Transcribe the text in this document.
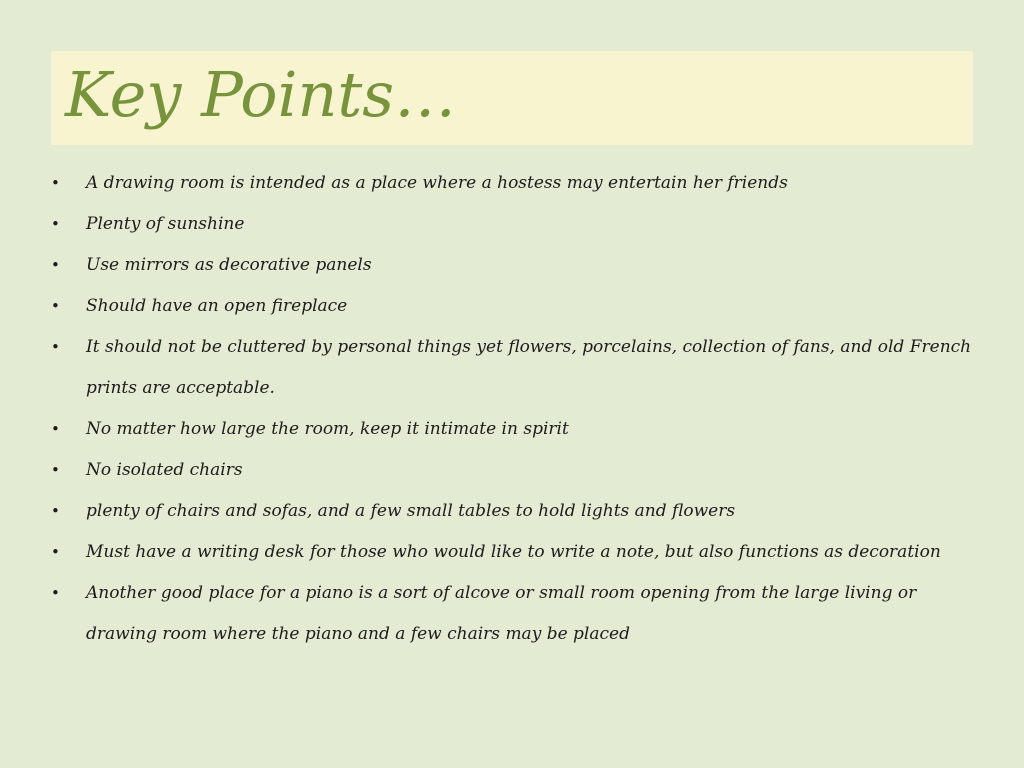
Key Points…
• A drawing room is intended as a place where a hostess may entertain her friends
• Plenty of sunshine
• Use mirrors as decorative panels
• Should have an open fireplace
• It should not be cluttered by personal things yet flowers, porcelains, collection of fans, and old French prints are acceptable.
• No matter how large the room, keep it intimate in spirit
• No isolated chairs
• plenty of chairs and sofas, and a few small tables to hold lights and flowers
• Must have a writing desk for those who would like to write a note, but also functions as decoration
• Another good place for a piano is a sort of alcove or small room opening from the large living or drawing room where the piano and a few chairs may be placed
